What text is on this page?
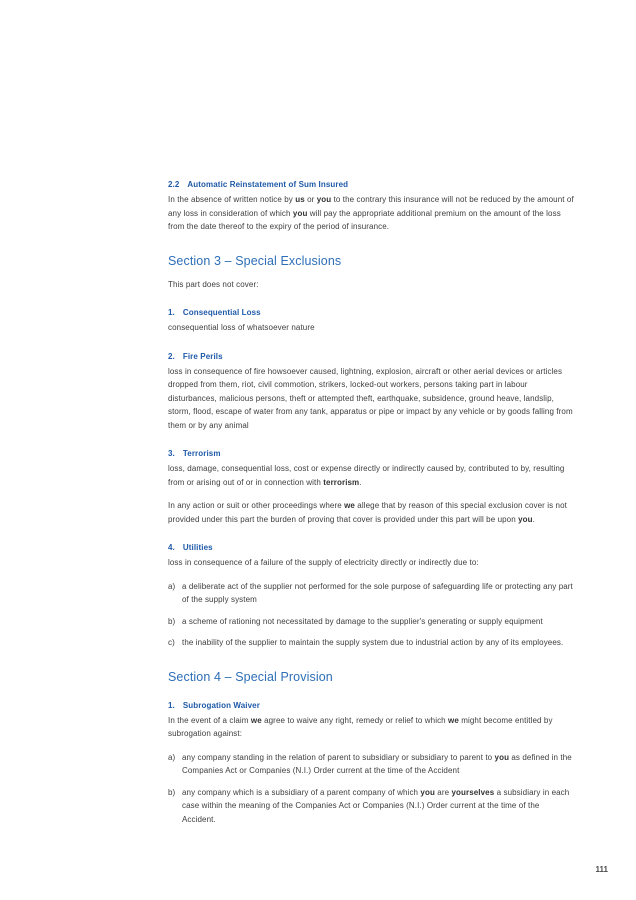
2.2 Automatic Reinstatement of Sum Insured

In the absence of written notice by us or you to the contrary this insurance will not be reduced by the amount of any loss in consideration of which you will pay the appropriate additional premium on the amount of the loss from the date thereof to the expiry of the period of insurance.

Section 3 – Special Exclusions

This part does not cover:

1. Consequential Loss

consequential loss of whatsoever nature

2. Fire Perils

loss in consequence of fire howsoever caused, lightning, explosion, aircraft or other aerial devices or articles dropped from them, riot, civil commotion, strikers, locked-out workers, persons taking part in labour disturbances, malicious persons, theft or attempted theft, earthquake, subsidence, ground heave, landslip, storm, flood, escape of water from any tank, apparatus or pipe or impact by any vehicle or by goods falling from them or by any animal

3. Terrorism

loss, damage, consequential loss, cost or expense directly or indirectly caused by, contributed to by, resulting from or arising out of or in connection with terrorism.

In any action or suit or other proceedings where we allege that by reason of this special exclusion cover is not provided under this part the burden of proving that cover is provided under this part will be upon you.

4. Utilities

loss in consequence of a failure of the supply of electricity directly or indirectly due to:

a) a deliberate act of the supplier not performed for the sole purpose of safeguarding life or protecting any part of the supply system
b) a scheme of rationing not necessitated by damage to the supplier's generating or supply equipment
c) the inability of the supplier to maintain the supply system due to industrial action by any of its employees.
Section 4 – Special Provision
1. Subrogation Waiver

In the event of a claim we agree to waive any right, remedy or relief to which we might become entitled by subrogation against:

a) any company standing in the relation of parent to subsidiary or subsidiary to parent to you as defined in the Companies Act or Companies (N.I.) Order current at the time of the Accident
b) any company which is a subsidiary of a parent company of which you are yourselves a subsidiary in each case within the meaning of the Companies Act or Companies (N.I.) Order current at the time of the Accident.
111
